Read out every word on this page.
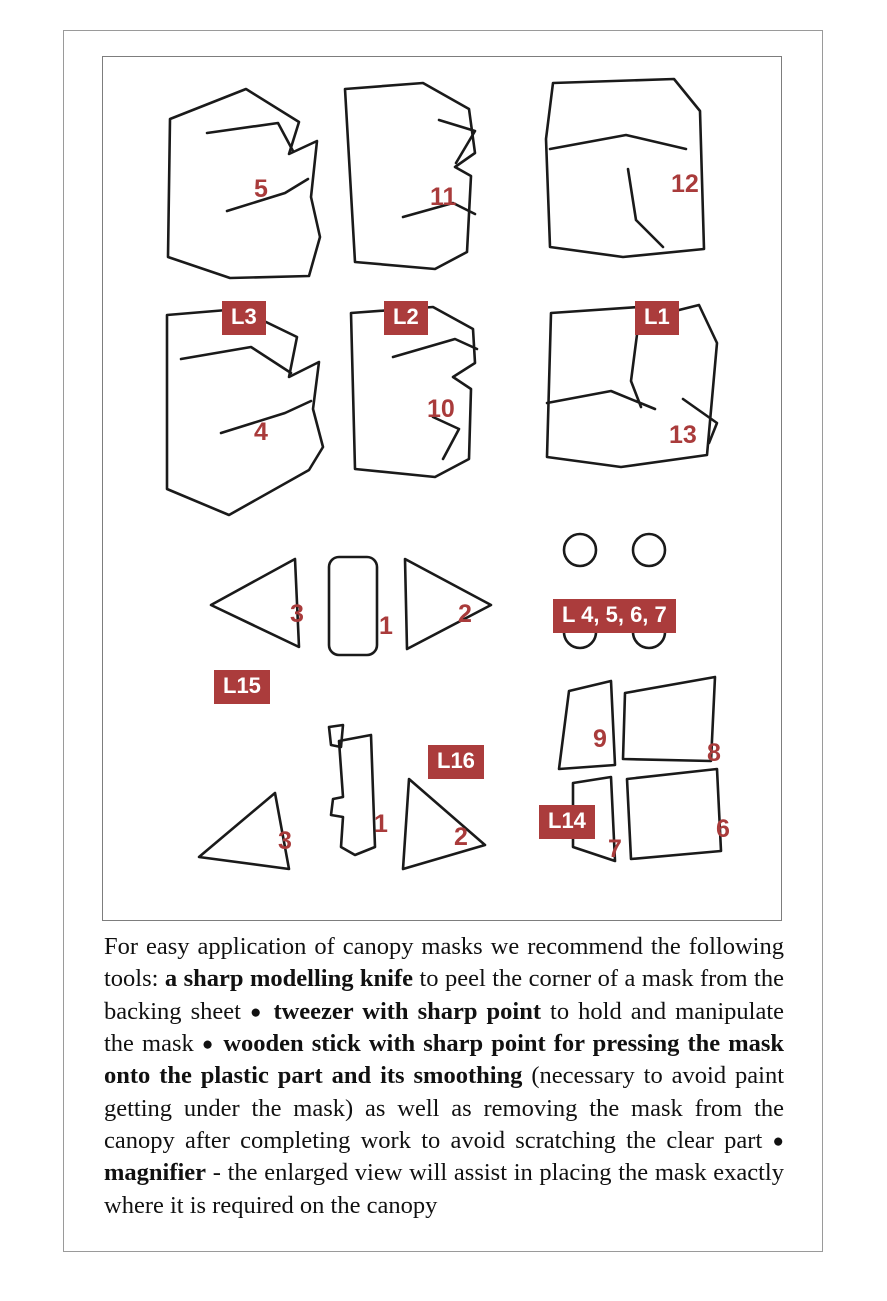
5	11	12
4
10
13
3	1	2
9	8
3
1	2	7
6
L3	L2	L1
L15
L 4, 5, 6, 7
L16
L14
For easy application of canopy masks we recommend the following tools: a sharp modelling knife to peel the corner of a mask from the backing sheet ● tweezer with sharp point to hold and manipulate the mask ● wooden stick with sharp point for pressing the mask onto the plastic part and its smoothing (necessary to avoid paint getting under the mask) as well as removing the mask from the canopy after completing work to avoid scratching the clear part ● magnifier - the enlarged view will assist in placing the mask exactly where it is required on the canopy
